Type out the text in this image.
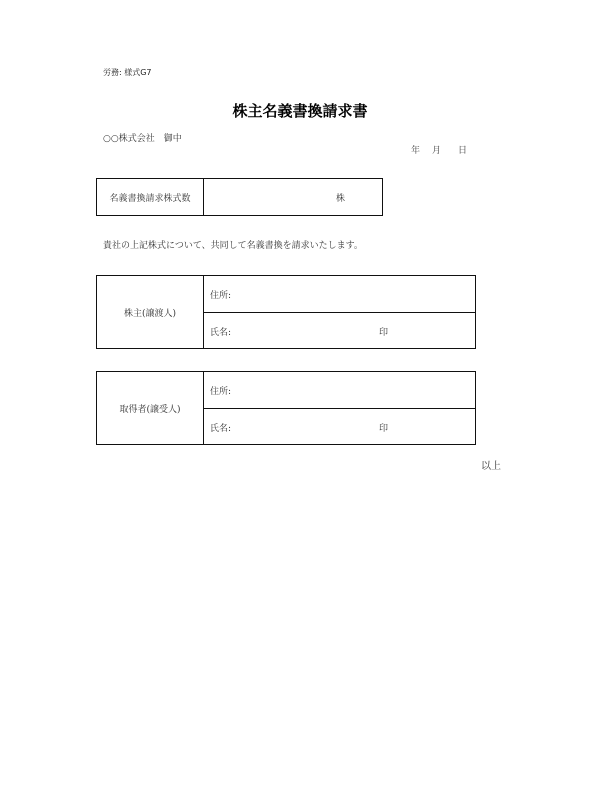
労務: 様式G7
株主名義書換請求書
○○株式会社　御中
年 月 日
名義書換請求株式数	株
貴社の上記株式について、共同して名義書換を請求いたします。
株主(譲渡人)
住所:
氏名:	印
取得者(譲受人)
住所:
氏名:	印
以上
